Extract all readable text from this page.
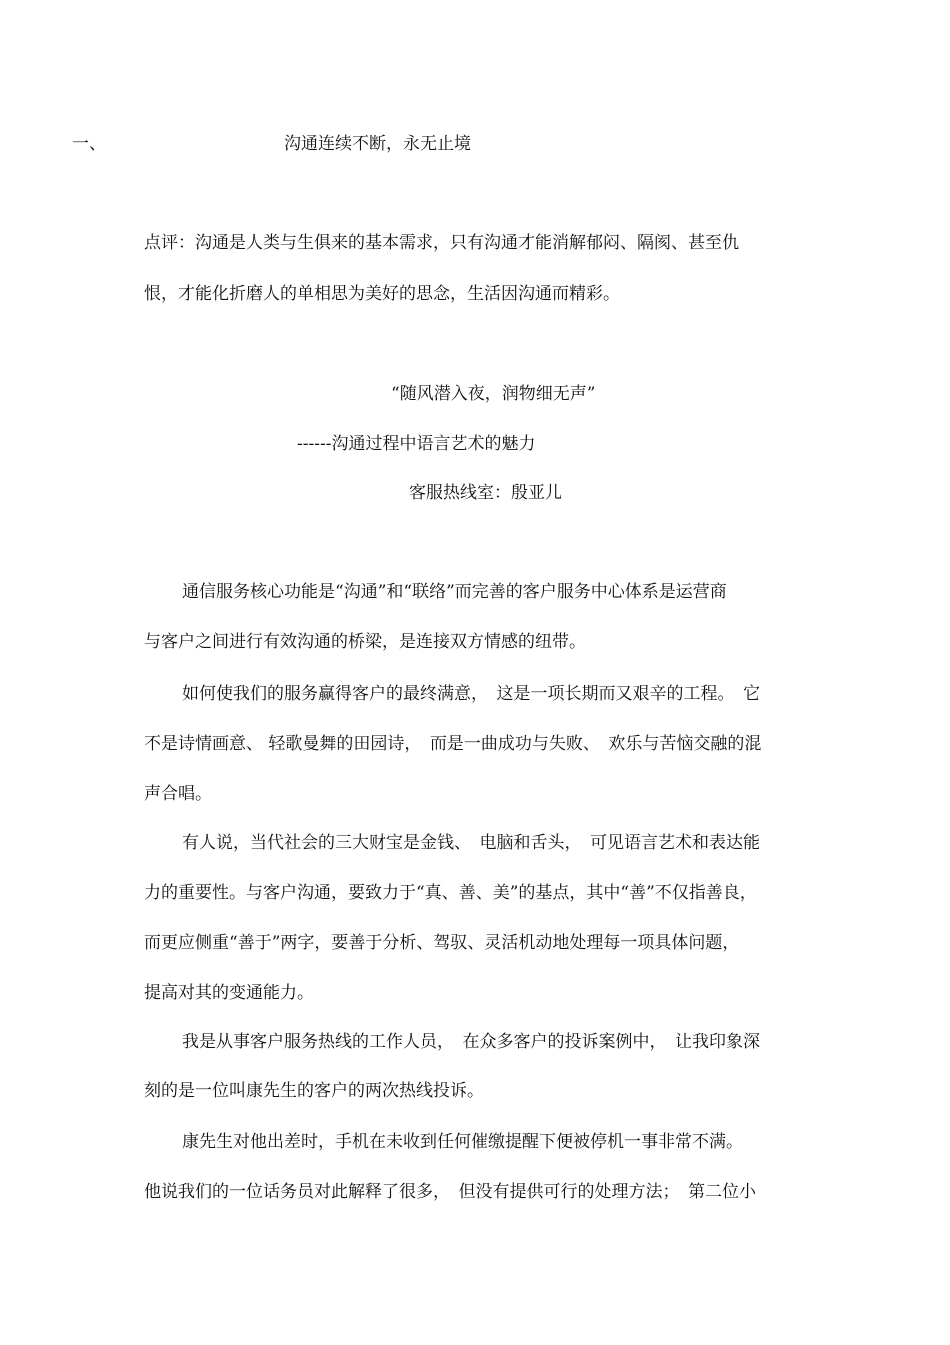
一、	沟通连续不断，永无止境
点评：沟通是人类与生俱来的基本需求，只有沟通才能消解郁闷、隔阂、甚至仇
恨，才能化折磨人的单相思为美好的思念，生活因沟通而精彩。
“随风潜入夜，润物细无声”
------沟通过程中语言艺术的魅力
客服热线室：殷亚儿
通信服务核心功能是“沟通”和“联络”而完善的客户服务中心体系是运营商
与客户之间进行有效沟通的桥梁，是连接双方情感的纽带。
如何使我们的服务赢得客户的最终满意，　这是一项长期而又艰辛的工程。　它
不是诗情画意、 轻歌曼舞的田园诗，　而是一曲成功与失败、　欢乐与苦恼交融的混
声合唱。
有人说，当代社会的三大财宝是金钱、　电脑和舌头，　可见语言艺术和表达能
力的重要性。与客户沟通，要致力于“真、善、美”的基点，其中“善”不仅指善良，
而更应侧重“善于”两字，要善于分析、驾驭、灵活机动地处理每一项具体问题，
提高对其的变通能力。
我是从事客户服务热线的工作人员，　在众多客户的投诉案例中，　让我印象深
刻的是一位叫康先生的客户的两次热线投诉。
康先生对他出差时，手机在未收到任何催缴提醒下便被停机一事非常不满。
他说我们的一位话务员对此解释了很多，　但没有提供可行的处理方法；　第二位小
